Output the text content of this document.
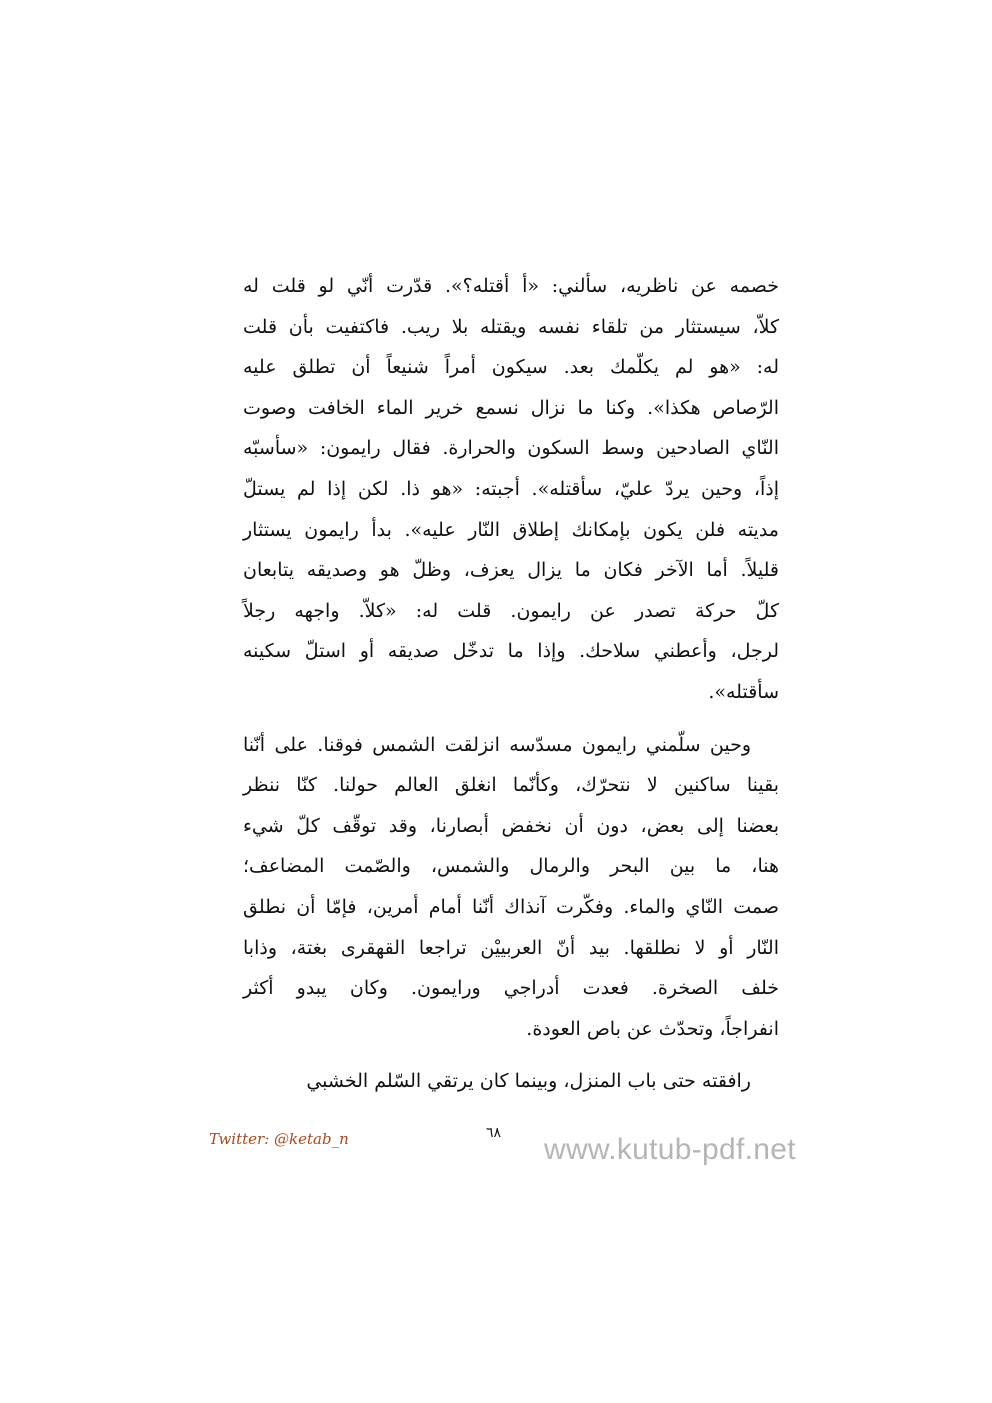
خصمه عن ناظريه، سألني: «أ أقتله؟». قدّرت أنّي لو قلت له
كلاّ، سيستثار من تلقاء نفسه ويقتله بلا ريب. فاكتفيت بأن قلت
له: «هو لم يكلّمك بعد. سيكون أمراً شنيعاً أن تطلق عليه
الرّصاص هكذا». وكنا ما نزال نسمع خرير الماء الخافت وصوت
النّاي الصادحين وسط السكون والحرارة. فقال رايمون: «سأسبّه
إذاً، وحين يردّ عليّ، سأقتله». أجبته: «هو ذا. لكن إذا لم يستلّ
مديته فلن يكون بإمكانك إطلاق النّار عليه». بدأ رايمون يستثار
قليلاً. أما الآخر فكان ما يزال يعزف، وظلّ هو وصديقه يتابعان
كلّ حركة تصدر عن رايمون. قلت له: «كلاّ. واجهه رجلاً
لرجل، وأعطني سلاحك. وإذا ما تدخّل صديقه أو استلّ سكينه
سأقتله».
وحين سلّمني رايمون مسدّسه انزلقت الشمس فوقنا. على أنّنا
بقينا ساكنين لا نتحرّك، وكأنّما انغلق العالم حولنا. كنّا ننظر
بعضنا إلى بعض، دون أن نخفض أبصارنا، وقد توقّف كلّ شيء
هنا، ما بين البحر والرمال والشمس، والصّمت المضاعف؛
صمت النّاي والماء. وفكّرت آنذاك أنّنا أمام أمرين، فإمّا أن نطلق
النّار أو لا نطلقها. بيد أنّ العربييْن تراجعا القهقرى بغتة، وذابا
خلف الصخرة. فعدت أدراجي ورايمون. وكان يبدو أكثر
انفراجاً، وتحدّث عن باص العودة.
رافقته حتى باب المنزل، وبينما كان يرتقي السّلم الخشبي
Twitter: @ketab_n	٦٨ www.kutub-pdf.net
